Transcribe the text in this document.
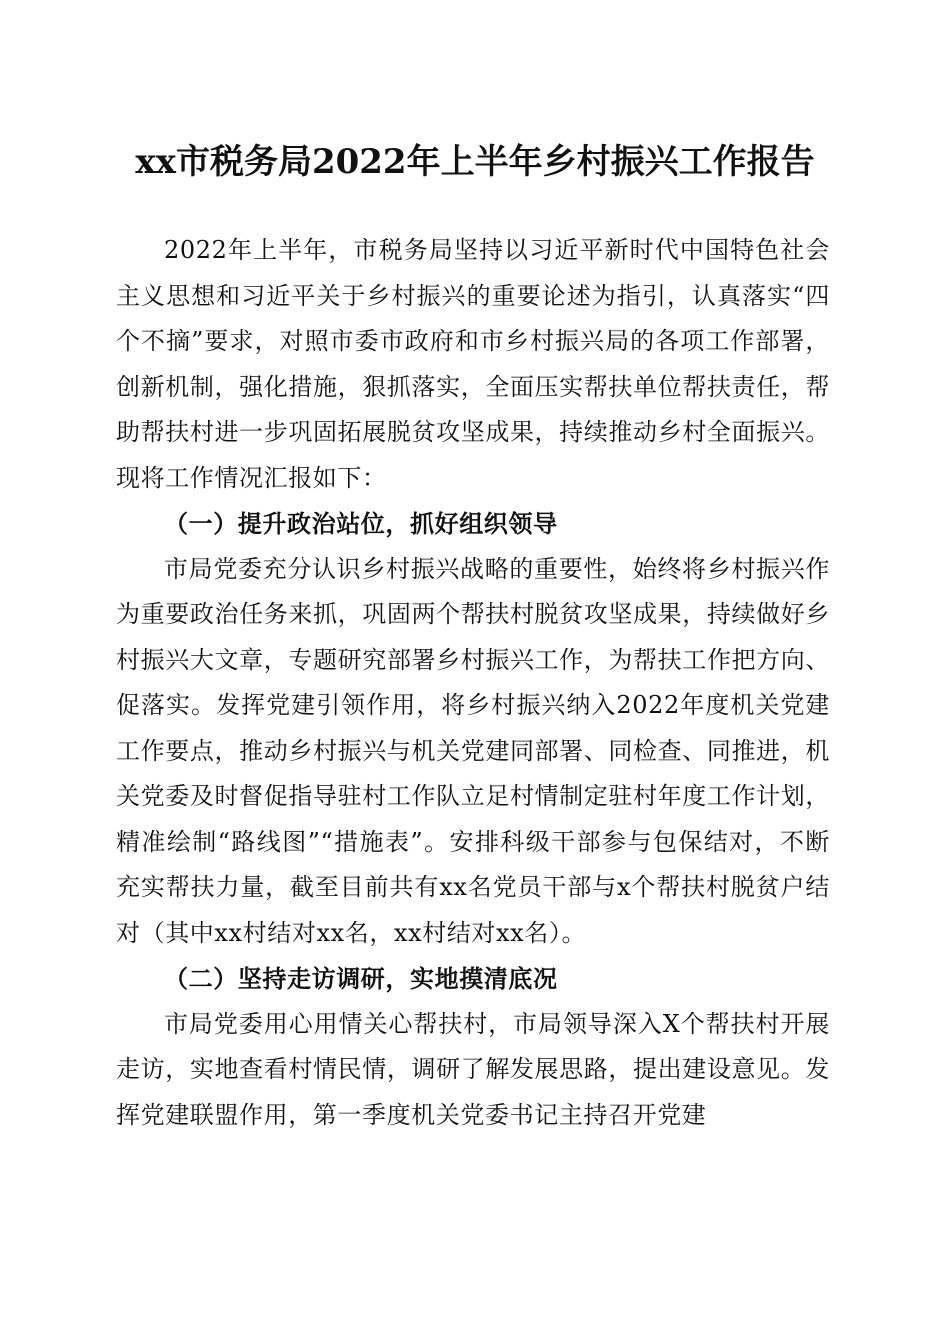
xx市税务局2022年上半年乡村振兴工作报告

2022年上半年，市税务局坚持以习近平新时代中国特色社会主义思想和习近平关于乡村振兴的重要论述为指引，认真落实“四个不摘”要求，对照市委市政府和市乡村振兴局的各项工作部署，创新机制，强化措施，狠抓落实，全面压实帮扶单位帮扶责任，帮助帮扶村进一步巩固拓展脱贫攻坚成果，持续推动乡村全面振兴。现将工作情况汇报如下：

（一）提升政治站位，抓好组织领导

市局党委充分认识乡村振兴战略的重要性，始终将乡村振兴作为重要政治任务来抓，巩固两个帮扶村脱贫攻坚成果，持续做好乡村振兴大文章，专题研究部署乡村振兴工作，为帮扶工作把方向、促落实。发挥党建引领作用，将乡村振兴纳入2022年度机关党建工作要点，推动乡村振兴与机关党建同部署、同检查、同推进，机关党委及时督促指导驻村工作队立足村情制定驻村年度工作计划，精准绘制“路线图”“措施表”。安排科级干部参与包保结对，不断充实帮扶力量，截至目前共有xx名党员干部与x个帮扶村脱贫户结对（其中xx村结对xx名，xx村结对xx名）。

（二）坚持走访调研，实地摸清底况

市局党委用心用情关心帮扶村，市局领导深入X个帮扶村开展走访，实地查看村情民情，调研了解发展思路，提出建设意见。发挥党建联盟作用，第一季度机关党委书记主持召开党建
